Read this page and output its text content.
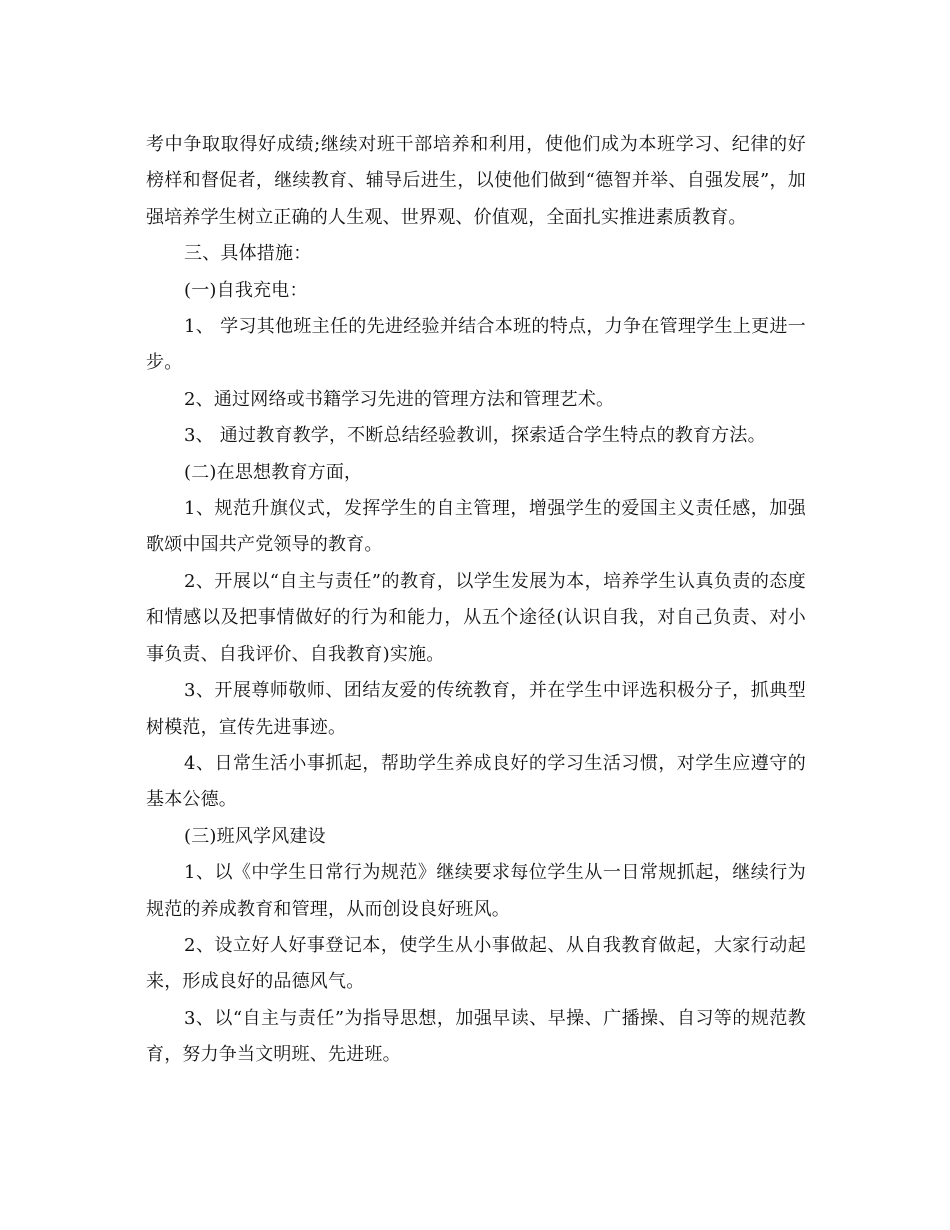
考中争取取得好成绩;继续对班干部培养和利用，使他们成为本班学习、纪律的好榜样和督促者，继续教育、辅导后进生，以使他们做到“德智并举、自强发展”，加强培养学生树立正确的人生观、世界观、价值观，全面扎实推进素质教育。

三、具体措施：

(一)自我充电：

1、 学习其他班主任的先进经验并结合本班的特点，力争在管理学生上更进一步。

2、通过网络或书籍学习先进的管理方法和管理艺术。

3、 通过教育教学，不断总结经验教训，探索适合学生特点的教育方法。

(二)在思想教育方面，

1、规范升旗仪式，发挥学生的自主管理，增强学生的爱国主义责任感，加强歌颂中国共产党领导的教育。

2、开展以“自主与责任”的教育，以学生发展为本，培养学生认真负责的态度和情感以及把事情做好的行为和能力，从五个途径(认识自我，对自己负责、对小事负责、自我评价、自我教育)实施。

3、开展尊师敬师、团结友爱的传统教育，并在学生中评选积极分子，抓典型树模范，宣传先进事迹。

4、日常生活小事抓起，帮助学生养成良好的学习生活习惯，对学生应遵守的基本公德。

(三)班风学风建设

1、以《中学生日常行为规范》继续要求每位学生从一日常规抓起，继续行为规范的养成教育和管理，从而创设良好班风。

2、设立好人好事登记本，使学生从小事做起、从自我教育做起，大家行动起来，形成良好的品德风气。

3、以“自主与责任”为指导思想，加强早读、早操、广播操、自习等的规范教育，努力争当文明班、先进班。
